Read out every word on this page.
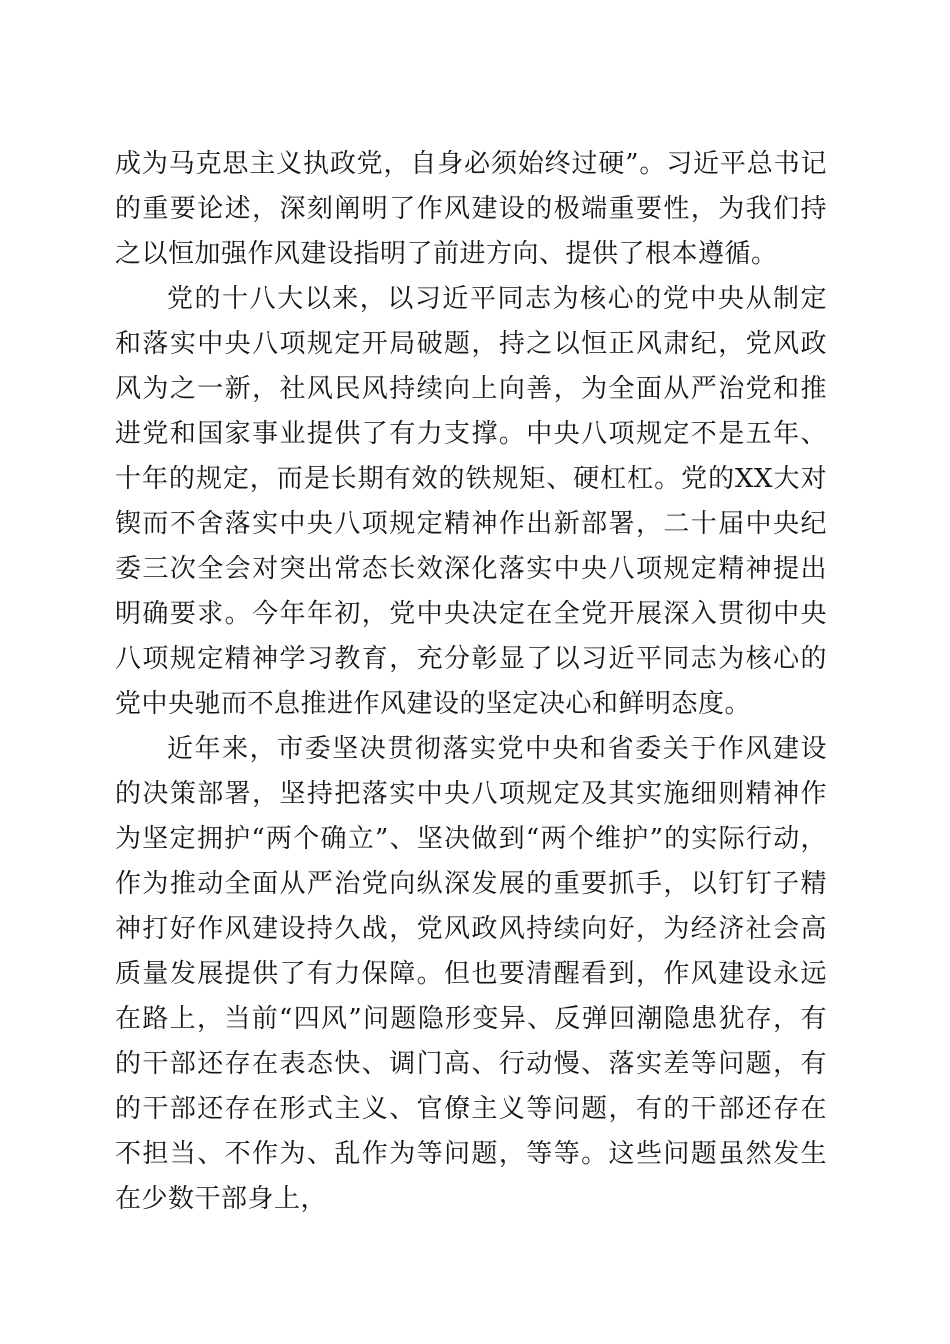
成为马克思主义执政党，自身必须始终过硬”。习近平总书记的重要论述，深刻阐明了作风建设的极端重要性，为我们持之以恒加强作风建设指明了前进方向、提供了根本遵循。

党的十八大以来，以习近平同志为核心的党中央从制定和落实中央八项规定开局破题，持之以恒正风肃纪，党风政风为之一新，社风民风持续向上向善，为全面从严治党和推进党和国家事业提供了有力支撑。中央八项规定不是五年、十年的规定，而是长期有效的铁规矩、硬杠杠。党的XX大对锲而不舍落实中央八项规定精神作出新部署，二十届中央纪委三次全会对突出常态长效深化落实中央八项规定精神提出明确要求。今年年初，党中央决定在全党开展深入贯彻中央八项规定精神学习教育，充分彰显了以习近平同志为核心的党中央驰而不息推进作风建设的坚定决心和鲜明态度。

近年来，市委坚决贯彻落实党中央和省委关于作风建设的决策部署，坚持把落实中央八项规定及其实施细则精神作为坚定拥护“两个确立”、坚决做到“两个维护”的实际行动，作为推动全面从严治党向纵深发展的重要抓手，以钉钉子精神打好作风建设持久战，党风政风持续向好，为经济社会高质量发展提供了有力保障。但也要清醒看到，作风建设永远在路上，当前“四风”问题隐形变异、反弹回潮隐患犹存，有的干部还存在表态快、调门高、行动慢、落实差等问题，有的干部还存在形式主义、官僚主义等问题，有的干部还存在不担当、不作为、乱作为等问题，等等。这些问题虽然发生在少数干部身上，
